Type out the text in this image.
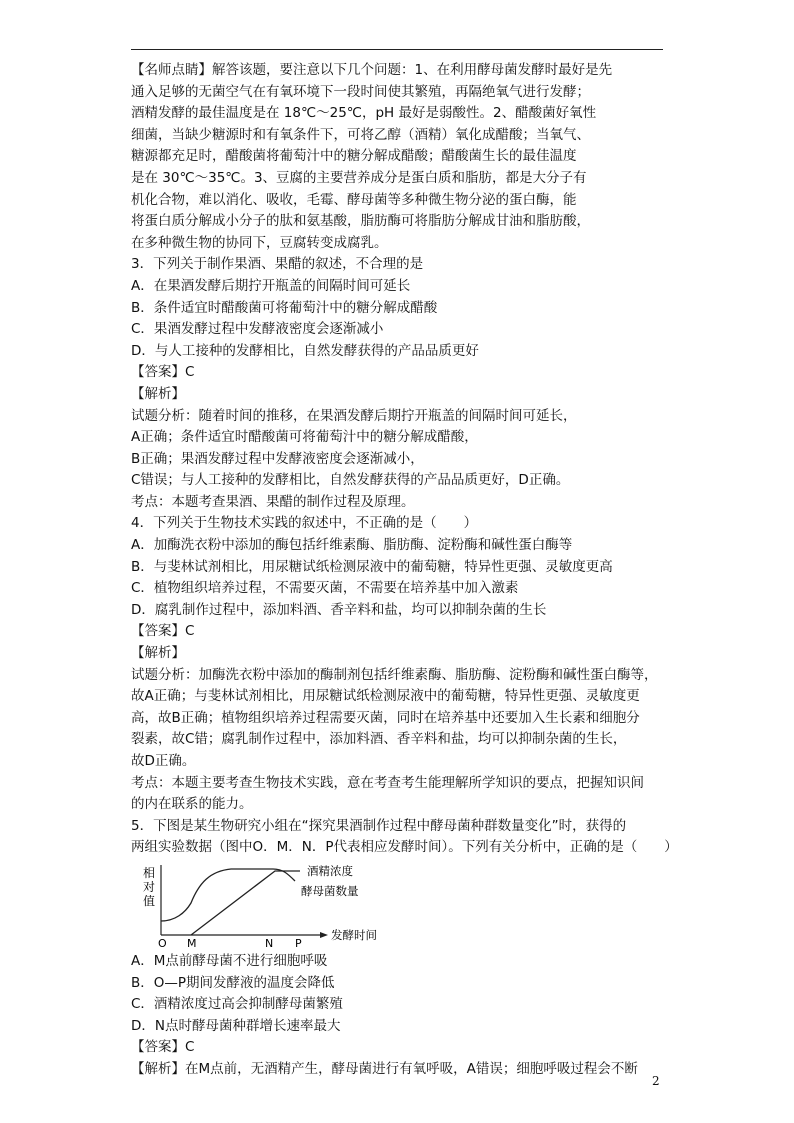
【名师点睛】解答该题，要注意以下几个问题：1、在利用酵母菌发酵时最好是先
通入足够的无菌空气在有氧环境下一段时间使其繁殖，再隔绝氧气进行发酵；
酒精发酵的最佳温度是在 18℃～25℃，pH 最好是弱酸性。2、醋酸菌好氧性
细菌，当缺少糖源时和有氧条件下，可将乙醇（酒精）氧化成醋酸；当氧气、
糖源都充足时，醋酸菌将葡萄汁中的糖分解成醋酸；醋酸菌生长的最佳温度
是在 30℃～35℃。3、豆腐的主要营养成分是蛋白质和脂肪，都是大分子有
机化合物，难以消化、吸收，毛霉、酵母菌等多种微生物分泌的蛋白酶，能
将蛋白质分解成小分子的肽和氨基酸，脂肪酶可将脂肪分解成甘油和脂肪酸，
在多种微生物的协同下，豆腐转变成腐乳。
3．下列关于制作果酒、果醋的叙述，不合理的是
A．在果酒发酵后期拧开瓶盖的间隔时间可延长
B．条件适宜时醋酸菌可将葡萄汁中的糖分解成醋酸
C．果酒发酵过程中发酵液密度会逐渐减小
D．与人工接种的发酵相比，自然发酵获得的产品品质更好
【答案】C
【解析】
试题分析：随着时间的推移，在果酒发酵后期拧开瓶盖的间隔时间可延长，
A正确；条件适宜时醋酸菌可将葡萄汁中的糖分解成醋酸，
B正确；果酒发酵过程中发酵液密度会逐渐减小，
C错误；与人工接种的发酵相比，自然发酵获得的产品品质更好，D正确。
考点：本题考查果酒、果醋的制作过程及原理。
4．下列关于生物技术实践的叙述中，不正确的是（　　）
A．加酶洗衣粉中添加的酶包括纤维素酶、脂肪酶、淀粉酶和碱性蛋白酶等
B．与斐林试剂相比，用尿糖试纸检测尿液中的葡萄糖，特异性更强、灵敏度更高
C．植物组织培养过程，不需要灭菌，不需要在培养基中加入激素
D．腐乳制作过程中，添加料酒、香辛料和盐，均可以抑制杂菌的生长
【答案】C
【解析】
试题分析：加酶洗衣粉中添加的酶制剂包括纤维素酶、脂肪酶、淀粉酶和碱性蛋白酶等，
故A正确；与斐林试剂相比，用尿糖试纸检测尿液中的葡萄糖，特异性更强、灵敏度更
高，故B正确；植物组织培养过程需要灭菌，同时在培养基中还要加入生长素和细胞分
裂素，故C错；腐乳制作过程中，添加料酒、香辛料和盐，均可以抑制杂菌的生长，
故D正确。
考点：本题主要考查生物技术实践，意在考查考生能理解所学知识的要点，把握知识间
的内在联系的能力。
5．下图是某生物研究小组在“探究果酒制作过程中酵母菌种群数量变化”时，获得的
两组实验数据（图中O．M．N．P代表相应发酵时间）。下列有关分析中，正确的是（　　）
相对值
酒精浓度
酵母菌数量
O M	N P
发酵时间
A．M点前酵母菌不进行细胞呼吸
B．O—P期间发酵液的温度会降低
C．酒精浓度过高会抑制酵母菌繁殖
D．N点时酵母菌种群增长速率最大
【答案】C
【解析】在M点前，无酒精产生，酵母菌进行有氧呼吸，A错误；细胞呼吸过程会不断
2
